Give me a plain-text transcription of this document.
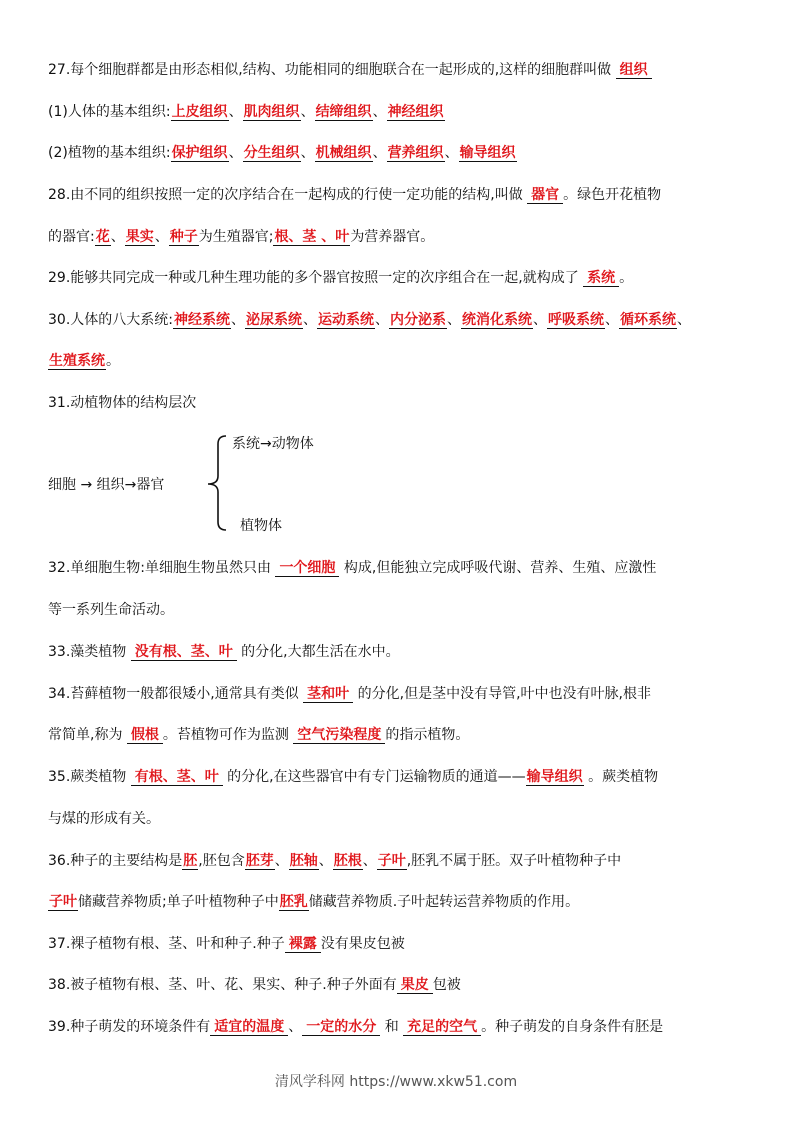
27.每个细胞群都是由形态相似,结构、功能相同的细胞联合在一起形成的,这样的细胞群叫做 组织
(1)人体的基本组织:上皮组织、肌肉组织、结缔组织、神经组织
(2)植物的基本组织:保护组织、分生组织、机械组织、营养组织、输导组织
28.由不同的组织按照一定的次序结合在一起构成的行使一定功能的结构,叫做 器官 。绿色开花植物
的器官:花、果实、种子为生殖器官;根、茎 、叶为营养器官。
29.能够共同完成一种或几种生理功能的多个器官按照一定的次序组合在一起,就构成了 系统 。
30.人体的八大系统:神经系统、泌尿系统、运动系统、内分泌系、统消化系统、呼吸系统、循环系统、
生殖系统。
31.动植物体的结构层次
细胞 → 组织→器官
系统→动物体
植物体
32.单细胞生物:单细胞生物虽然只由 一个细胞 构成,但能独立完成呼吸代谢、营养、生殖、应激性
等一系列生命活动。
33.藻类植物 没有根、茎、叶 的分化,大都生活在水中。
34.苔藓植物一般都很矮小,通常具有类似 茎和叶 的分化,但是茎中没有导管,叶中也没有叶脉,根非
常简单,称为 假根 。苔植物可作为监测 空气污染程度 的指示植物。
35.蕨类植物 有根、茎、叶 的分化,在这些器官中有专门运输物质的通道——输导组织 。蕨类植物
与煤的形成有关。
36.种子的主要结构是胚,胚包含胚芽、胚轴、胚根、子叶,胚乳不属于胚。双子叶植物种子中
子叶储藏营养物质;单子叶植物种子中胚乳储藏营养物质.子叶起转运营养物质的作用。
37.裸子植物有根、茎、叶和种子.种子 裸露 没有果皮包被
38.被子植物有根、茎、叶、花、果实、种子.种子外面有 果皮 包被
39.种子萌发的环境条件有 适宜的温度 、 一定的水分 和 充足的空气 。种子萌发的自身条件有胚是
清风学科网 https://www.xkw51.com
